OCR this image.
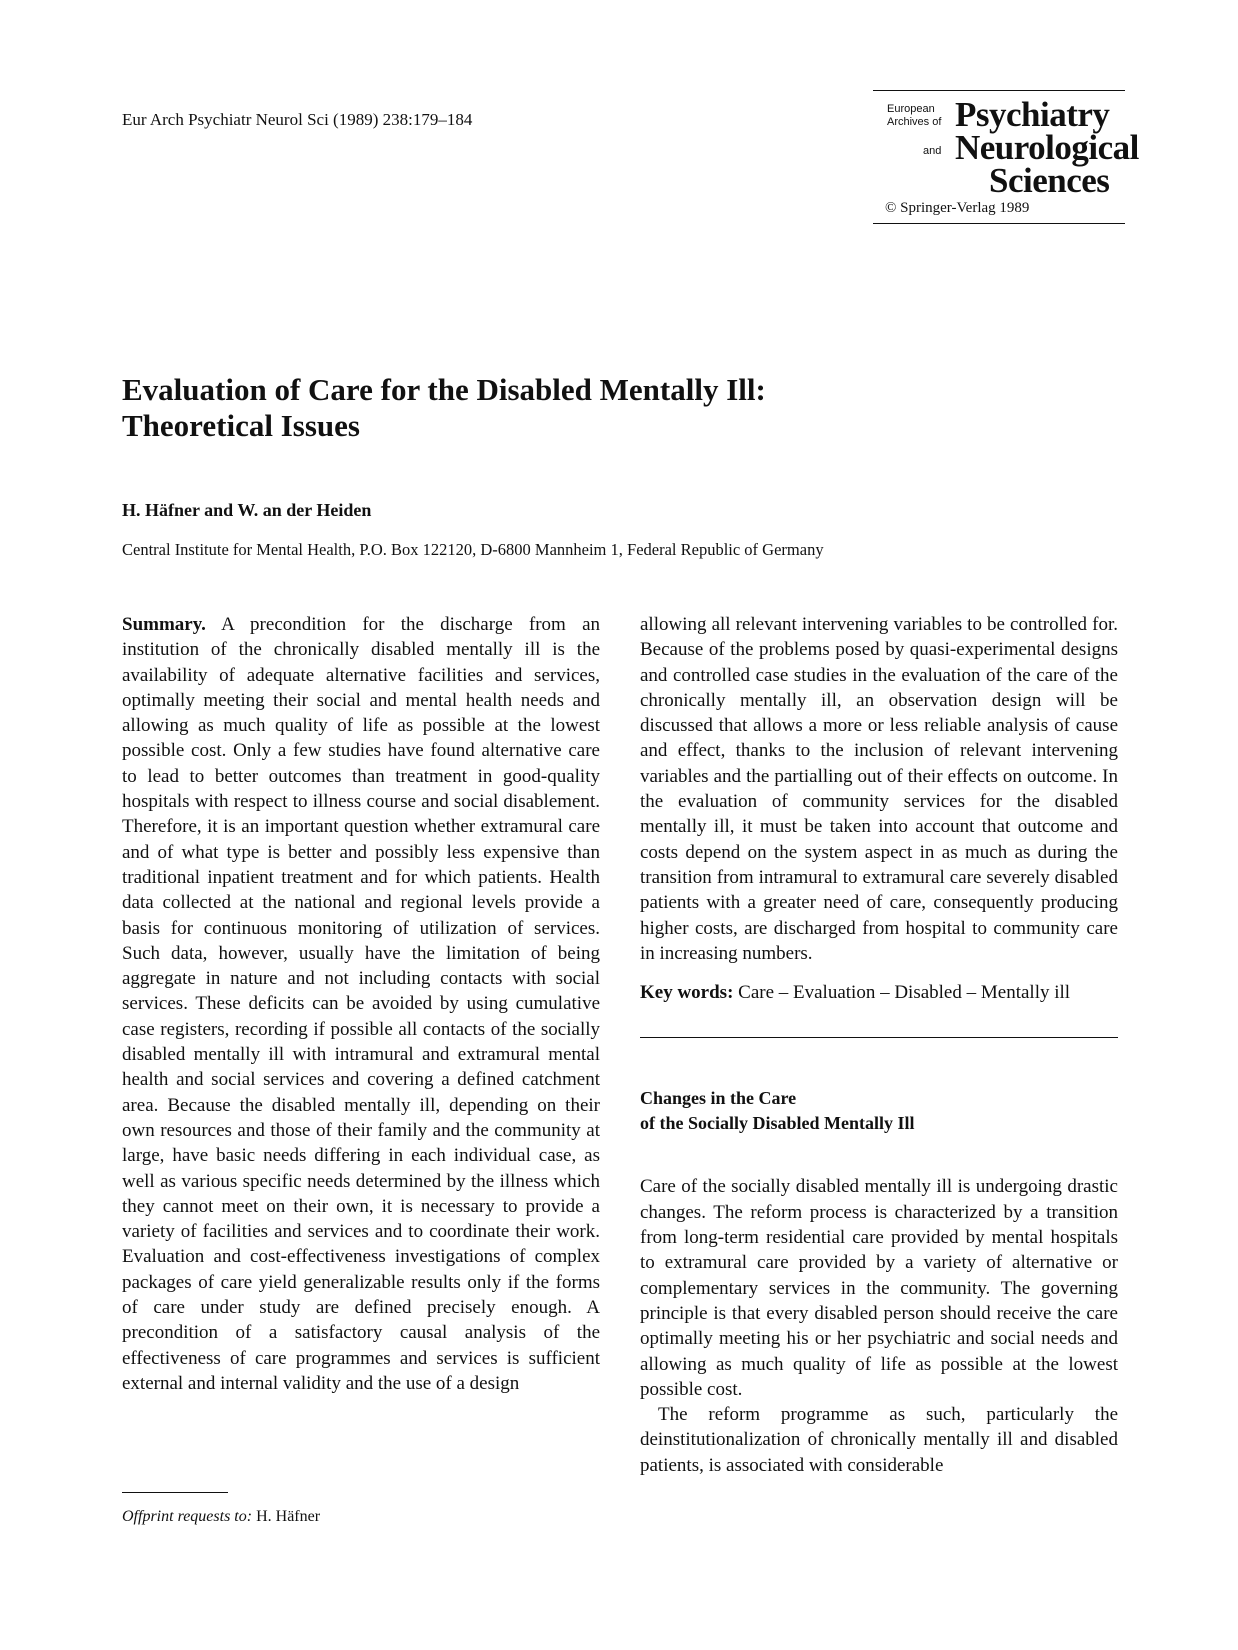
Eur Arch Psychiatr Neurol Sci (1989) 238:179–184
European
Archives of Psychiatry
and Neurological
Sciences
© Springer-Verlag 1989
Evaluation of Care for the Disabled Mentally Ill: Theoretical Issues
H. Häfner and W. an der Heiden
Central Institute for Mental Health, P.O. Box 122120, D-6800 Mannheim 1, Federal Republic of Germany

Summary. A precondition for the discharge from an institution of the chronically disabled mentally ill is the availability of adequate alternative facilities and services, optimally meeting their social and mental health needs and allowing as much quality of life as possible at the lowest possible cost. Only a few studies have found alternative care to lead to better outcomes than treatment in good-quality hospitals with respect to illness course and social disablement. Therefore, it is an important question whether extramural care and of what type is better and possibly less expensive than traditional inpatient treatment and for which patients. Health data collected at the national and regional levels provide a basis for continuous monitoring of utilization of services. Such data, however, usually have the limitation of being aggregate in nature and not including contacts with social services. These deficits can be avoided by using cumulative case registers, recording if possible all contacts of the socially disabled mentally ill with intramural and extramural mental health and social services and covering a defined catchment area. Because the disabled mentally ill, depending on their own resources and those of their family and the community at large, have basic needs differing in each individual case, as well as various specific needs determined by the illness which they cannot meet on their own, it is necessary to provide a variety of facilities and services and to coordinate their work. Evaluation and cost-effectiveness investigations of complex packages of care yield generalizable results only if the forms of care under study are defined precisely enough. A precondition of a satisfactory causal analysis of the effectiveness of care programmes and services is sufficient external and internal validity and the use of a design

allowing all relevant intervening variables to be controlled for. Because of the problems posed by quasi-experimental designs and controlled case studies in the evaluation of the care of the chronically mentally ill, an observation design will be discussed that allows a more or less reliable analysis of cause and effect, thanks to the inclusion of relevant intervening variables and the partialling out of their effects on outcome. In the evaluation of community services for the disabled mentally ill, it must be taken into account that outcome and costs depend on the system aspect in as much as during the transition from intramural to extramural care severely disabled patients with a greater need of care, consequently producing higher costs, are discharged from hospital to community care in increasing numbers.

Key words: Care – Evaluation – Disabled – Mentally ill

Changes in the Care
of the Socially Disabled Mentally Ill

Care of the socially disabled mentally ill is undergoing drastic changes. The reform process is characterized by a transition from long-term residential care provided by mental hospitals to extramural care provided by a variety of alternative or complementary services in the community. The governing principle is that every disabled person should receive the care optimally meeting his or her psychiatric and social needs and allowing as much quality of life as possible at the lowest possible cost.

The reform programme as such, particularly the deinstitutionalization of chronically mentally ill and disabled patients, is associated with considerable

Offprint requests to: H. Häfner
